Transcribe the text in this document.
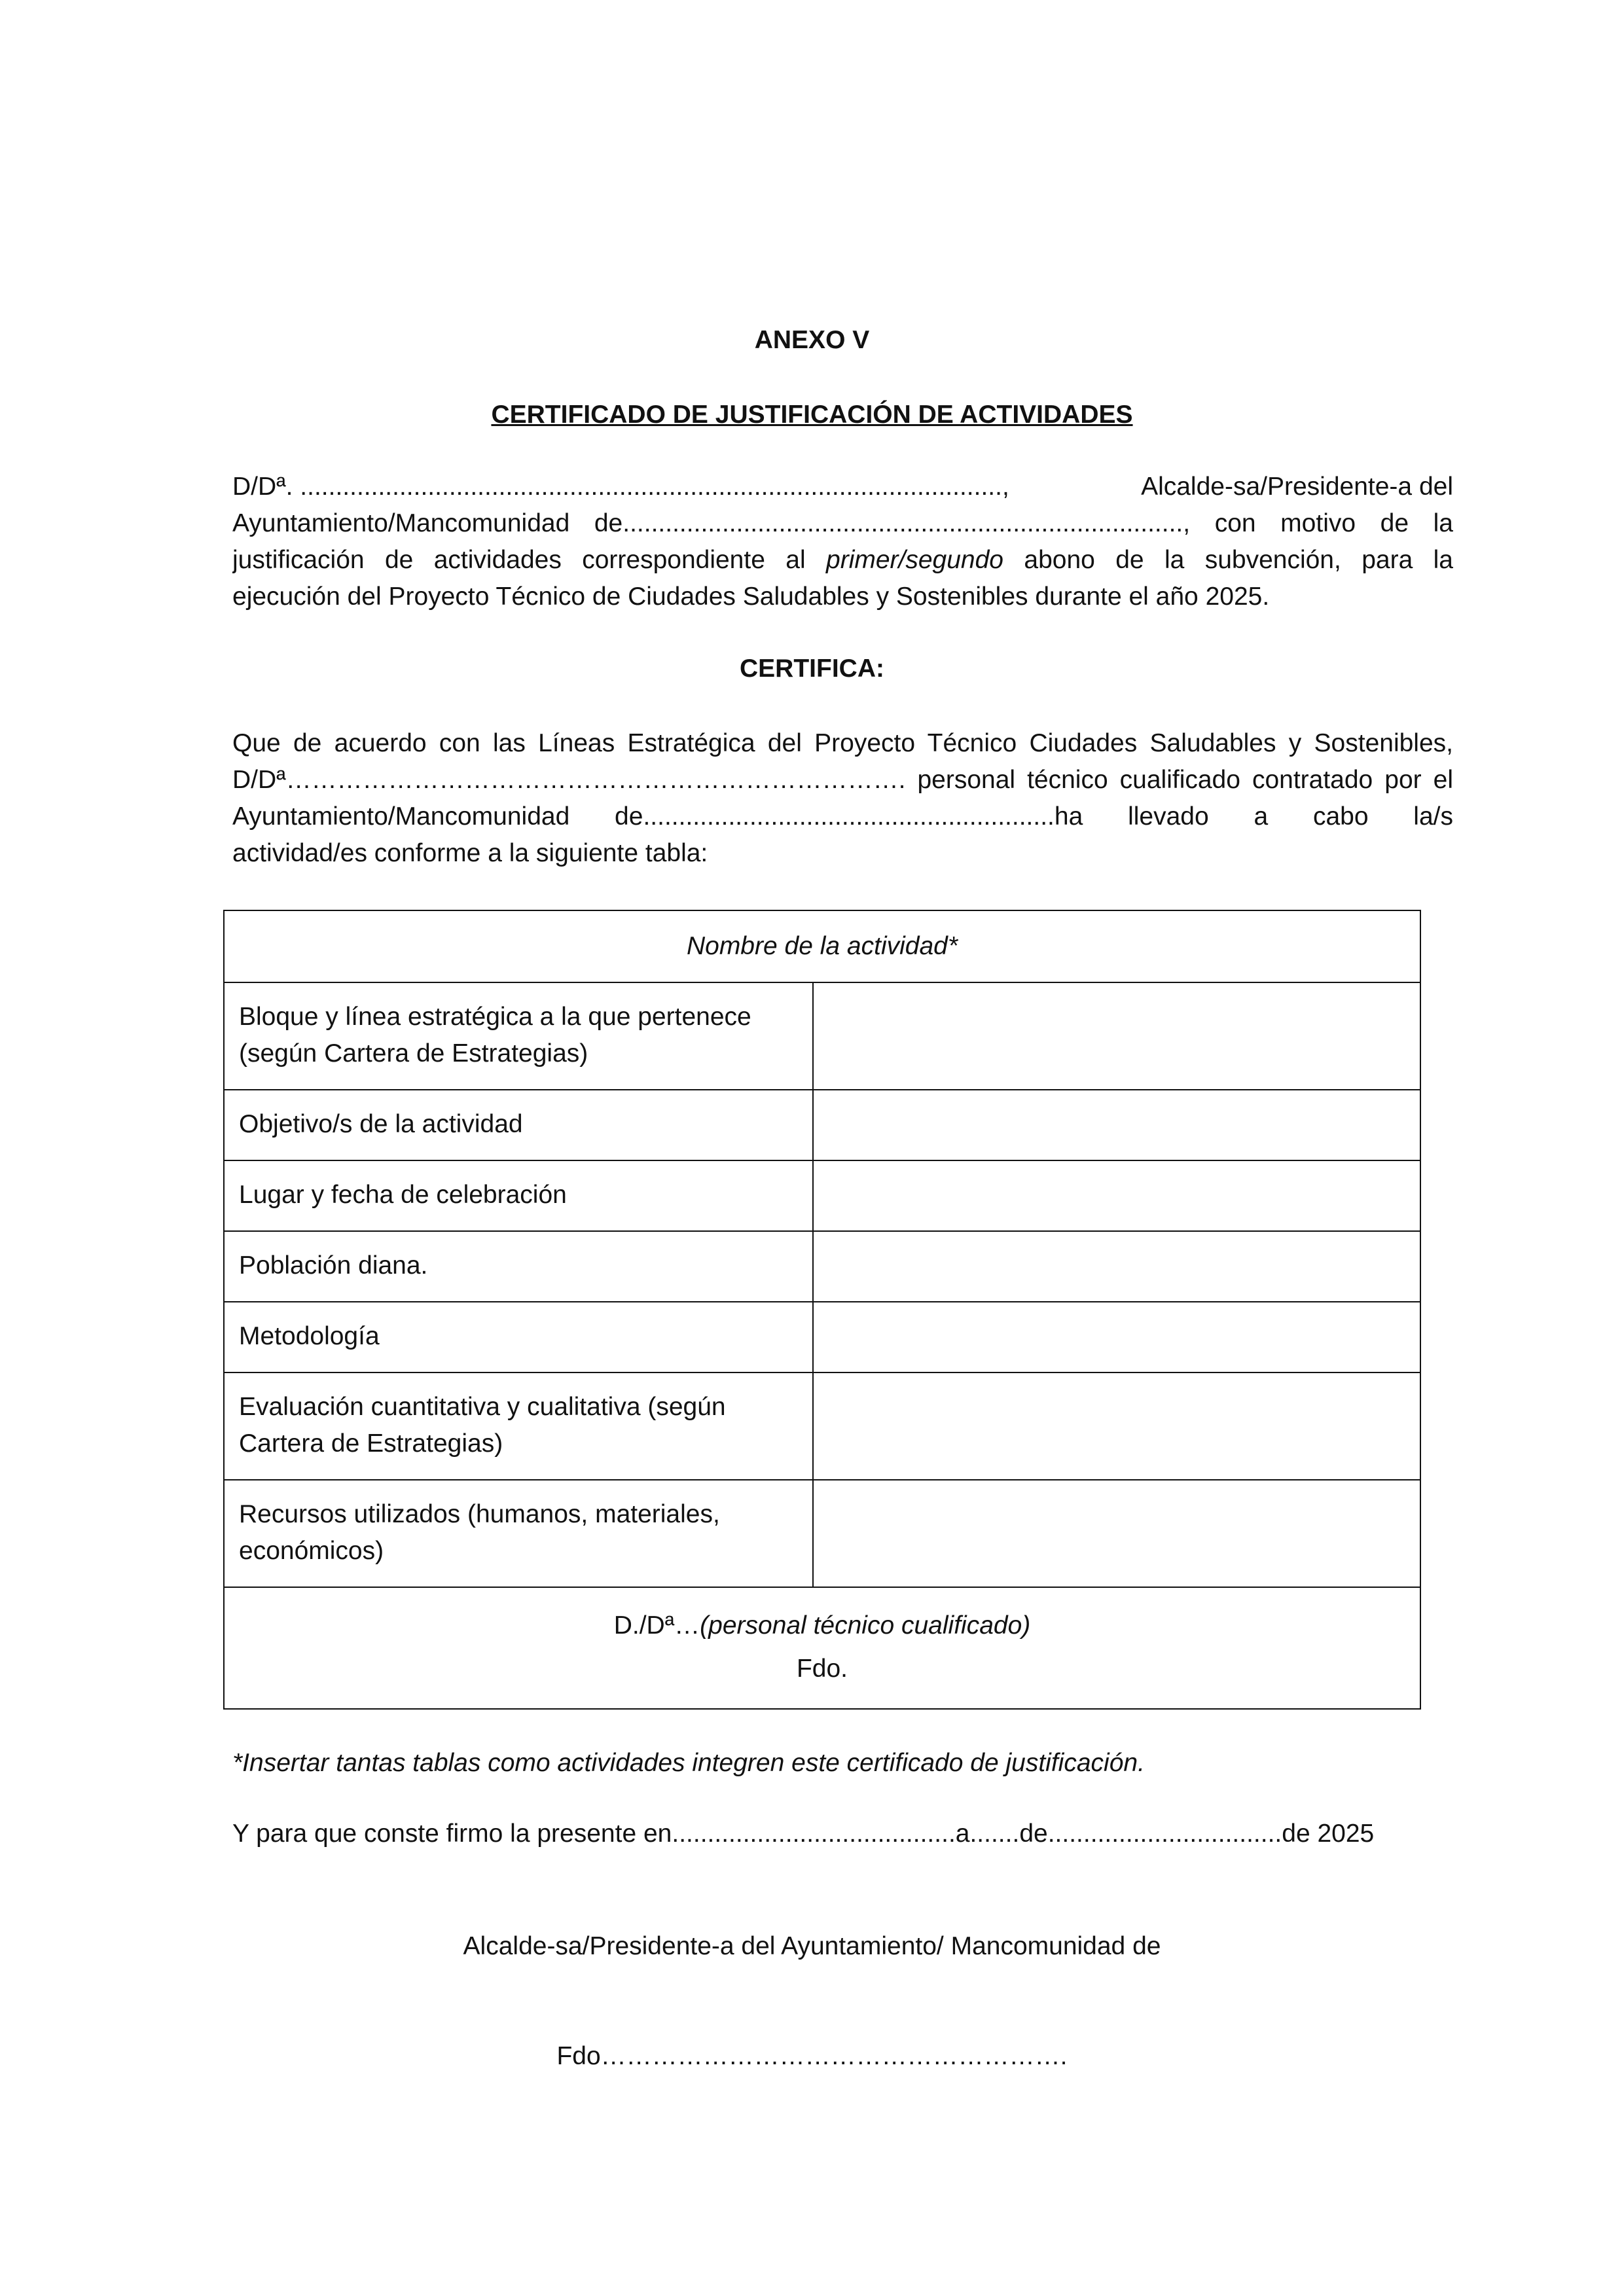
ANEXO V
CERTIFICADO DE JUSTIFICACIÓN DE ACTIVIDADES
D/Dª. ...................................................................................................,	Alcalde-sa/Presidente-a del
Ayuntamiento/Mancomunidad de..............................................................................., con motivo de la
justificación de actividades correspondiente al primer/segundo abono de la subvención, para la
ejecución del Proyecto Técnico de Ciudades Saludables y Sostenibles durante el año 2025.
CERTIFICA:
Que de acuerdo con las Líneas Estratégica del Proyecto Técnico Ciudades Saludables y Sostenibles,
D/Dª………………………………………………………………. personal técnico cualificado contratado por el
Ayuntamiento/Mancomunidad de..........................................................ha llevado a cabo la/s
actividad/es conforme a la siguiente tabla:
Nombre de la actividad*
Bloque y línea estratégica a la que pertenece
(según Cartera de Estrategias)
Objetivo/s de la actividad
Lugar y fecha de celebración
Población diana.
Metodología
Evaluación cuantitativa y cualitativa (según
Cartera de Estrategias)
Recursos utilizados (humanos, materiales,
económicos)
D./Dª…(personal técnico cualificado)
Fdo.
*Insertar tantas tablas como actividades integren este certificado de justificación.
Y para que conste firmo la presente en........................................a.......de.................................de 2025
Alcalde-sa/Presidente-a del Ayuntamiento/ Mancomunidad de
Fdo……………………………………………….
